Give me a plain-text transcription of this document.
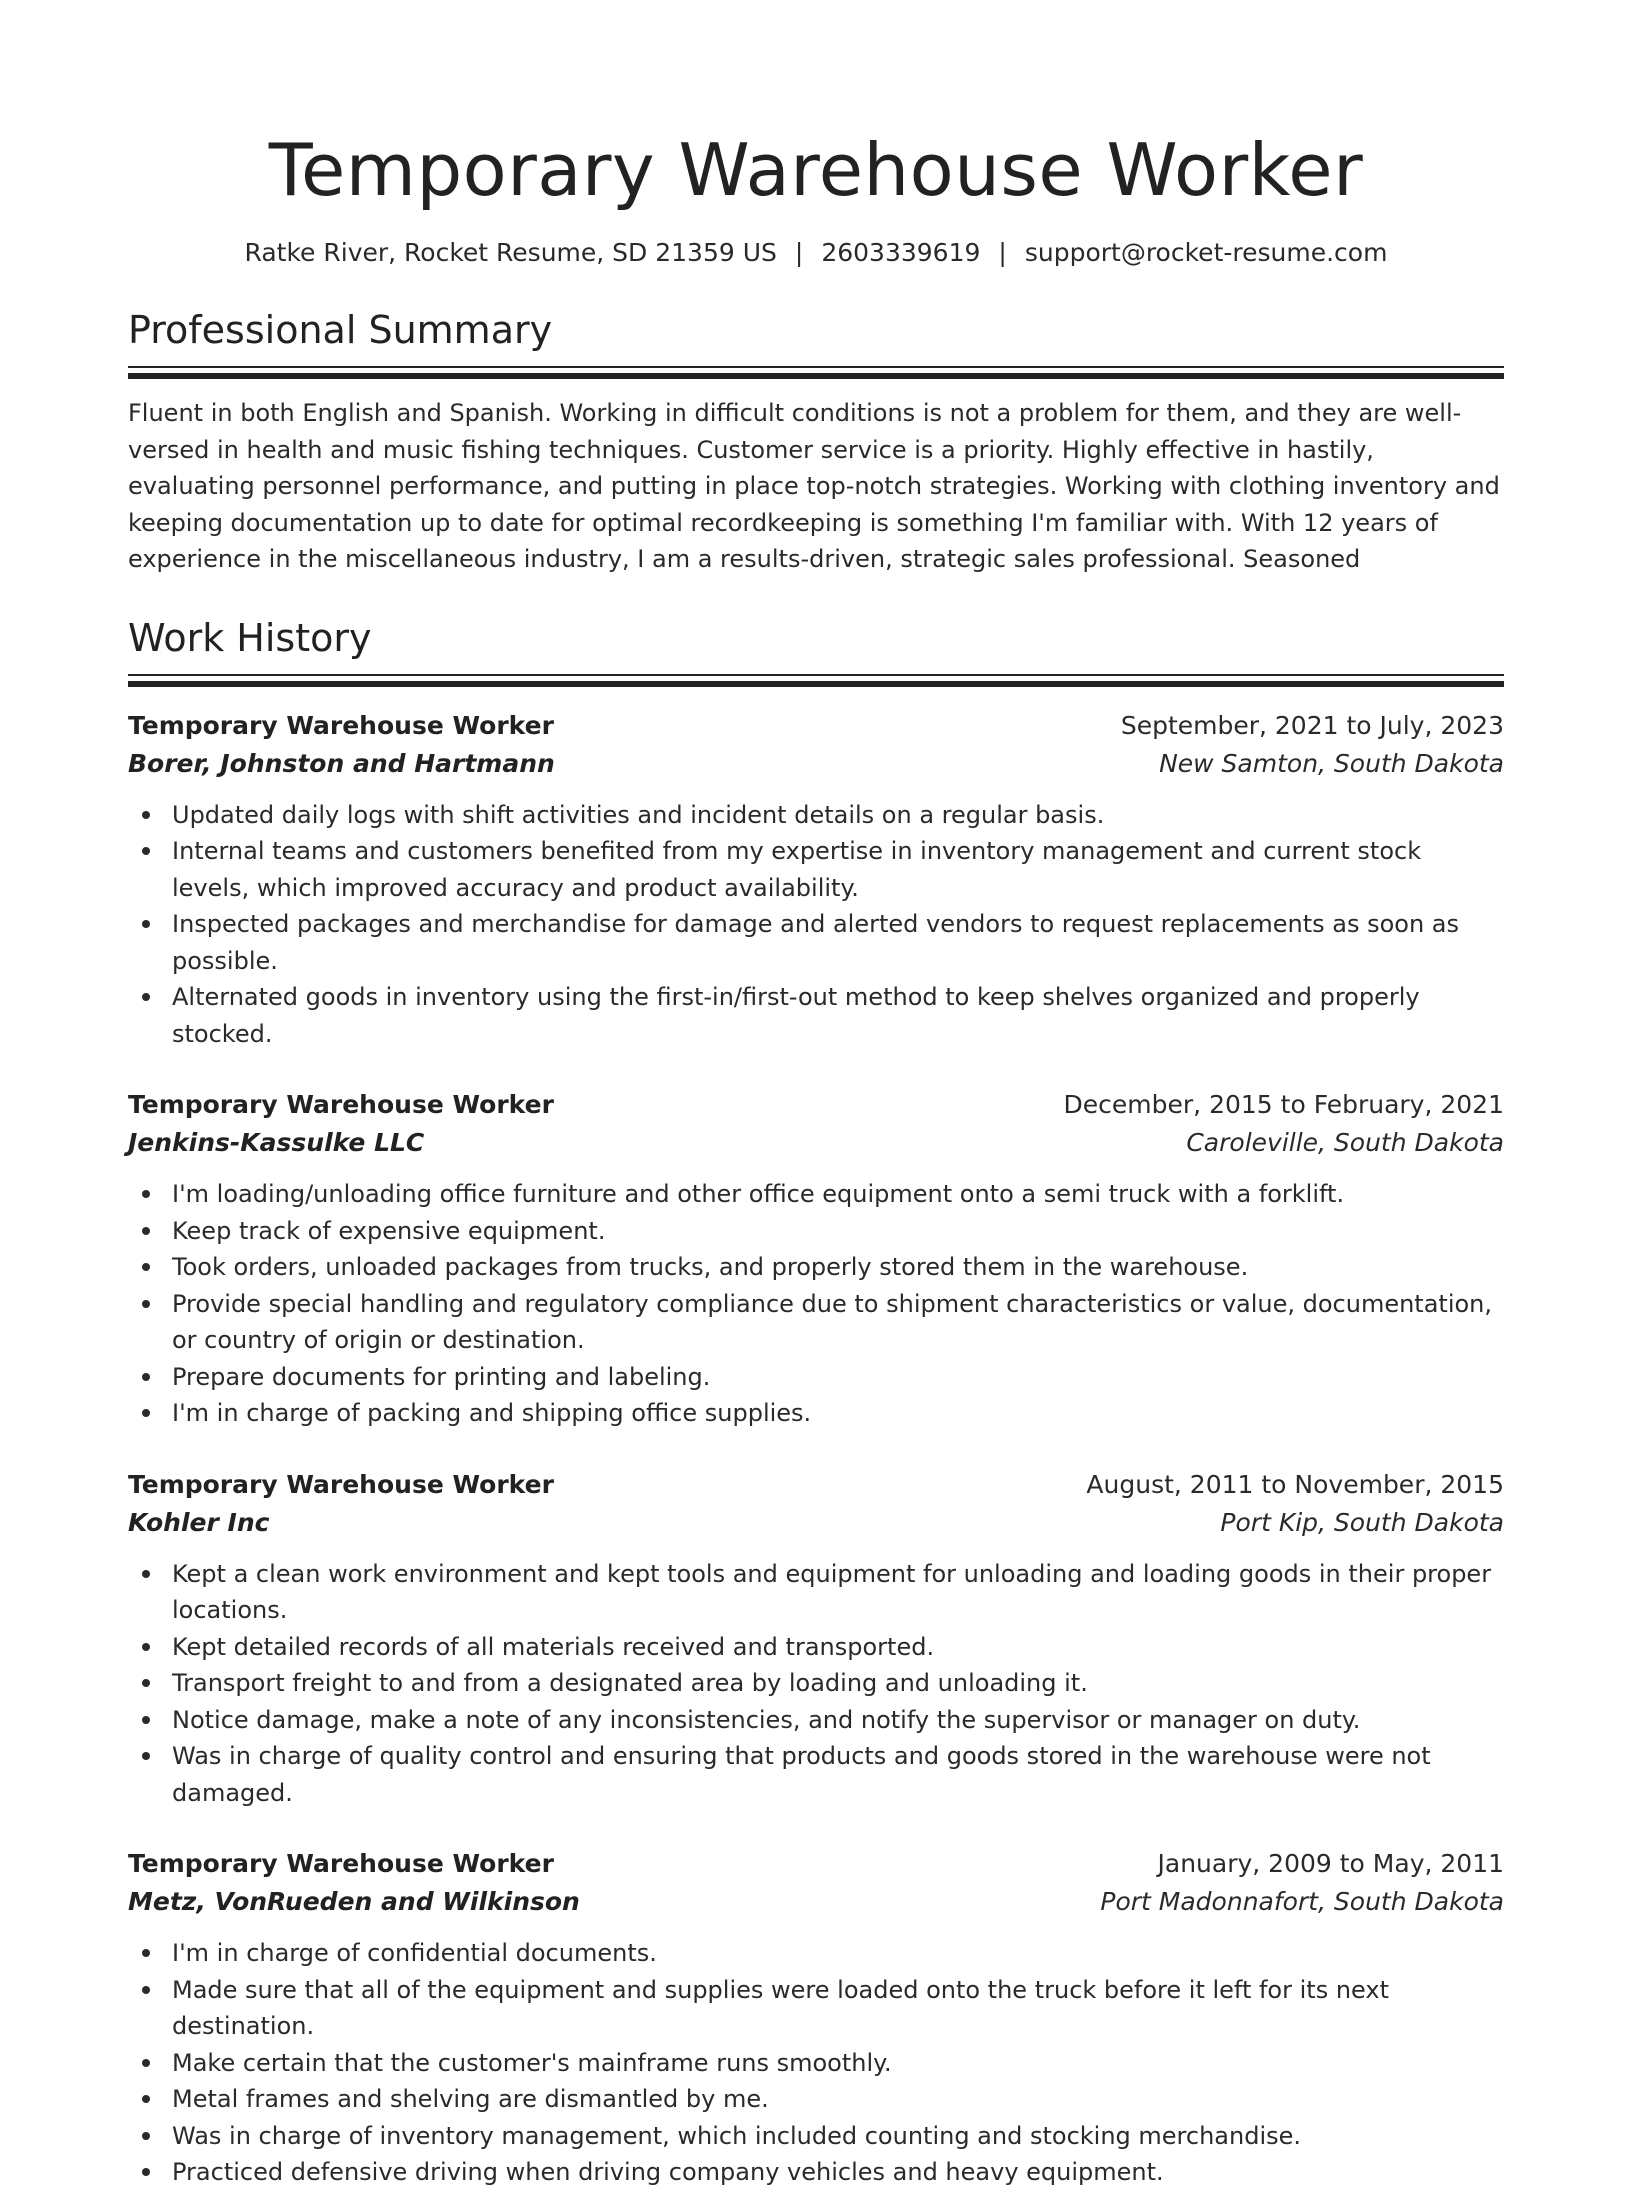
Temporary Warehouse Worker
Ratke River, Rocket Resume, SD 21359 US | 2603339619 | support@rocket-resume.com
Professional Summary
Fluent in both English and Spanish. Working in difficult conditions is not a problem for them, and they are well-versed in health and music fishing techniques. Customer service is a priority. Highly effective in hastily, evaluating personnel performance, and putting in place top-notch strategies. Working with clothing inventory and keeping documentation up to date for optimal recordkeeping is something I'm familiar with. With 12 years of experience in the miscellaneous industry, I am a results-driven, strategic sales professional. Seasoned
Work History
Temporary Warehouse Worker	September, 2021 to July, 2023
Borer, Johnston and Hartmann	New Samton, South Dakota
Updated daily logs with shift activities and incident details on a regular basis.
Internal teams and customers benefited from my expertise in inventory management and current stock levels, which improved accuracy and product availability.
Inspected packages and merchandise for damage and alerted vendors to request replacements as soon as possible.
Alternated goods in inventory using the first-in/first-out method to keep shelves organized and properly stocked.
Temporary Warehouse Worker	December, 2015 to February, 2021
Jenkins-Kassulke LLC	Caroleville, South Dakota
I'm loading/unloading office furniture and other office equipment onto a semi truck with a forklift.
Keep track of expensive equipment.
Took orders, unloaded packages from trucks, and properly stored them in the warehouse.
Provide special handling and regulatory compliance due to shipment characteristics or value, documentation, or country of origin or destination.
Prepare documents for printing and labeling.
I'm in charge of packing and shipping office supplies.
Temporary Warehouse Worker	August, 2011 to November, 2015
Kohler Inc	Port Kip, South Dakota
Kept a clean work environment and kept tools and equipment for unloading and loading goods in their proper locations.
Kept detailed records of all materials received and transported.
Transport freight to and from a designated area by loading and unloading it.
Notice damage, make a note of any inconsistencies, and notify the supervisor or manager on duty.
Was in charge of quality control and ensuring that products and goods stored in the warehouse were not damaged.
Temporary Warehouse Worker	January, 2009 to May, 2011
Metz, VonRueden and Wilkinson	Port Madonnafort, South Dakota
I'm in charge of confidential documents.
Made sure that all of the equipment and supplies were loaded onto the truck before it left for its next destination.
Make certain that the customer's mainframe runs smoothly.
Metal frames and shelving are dismantled by me.
Was in charge of inventory management, which included counting and stocking merchandise.
Practiced defensive driving when driving company vehicles and heavy equipment.
